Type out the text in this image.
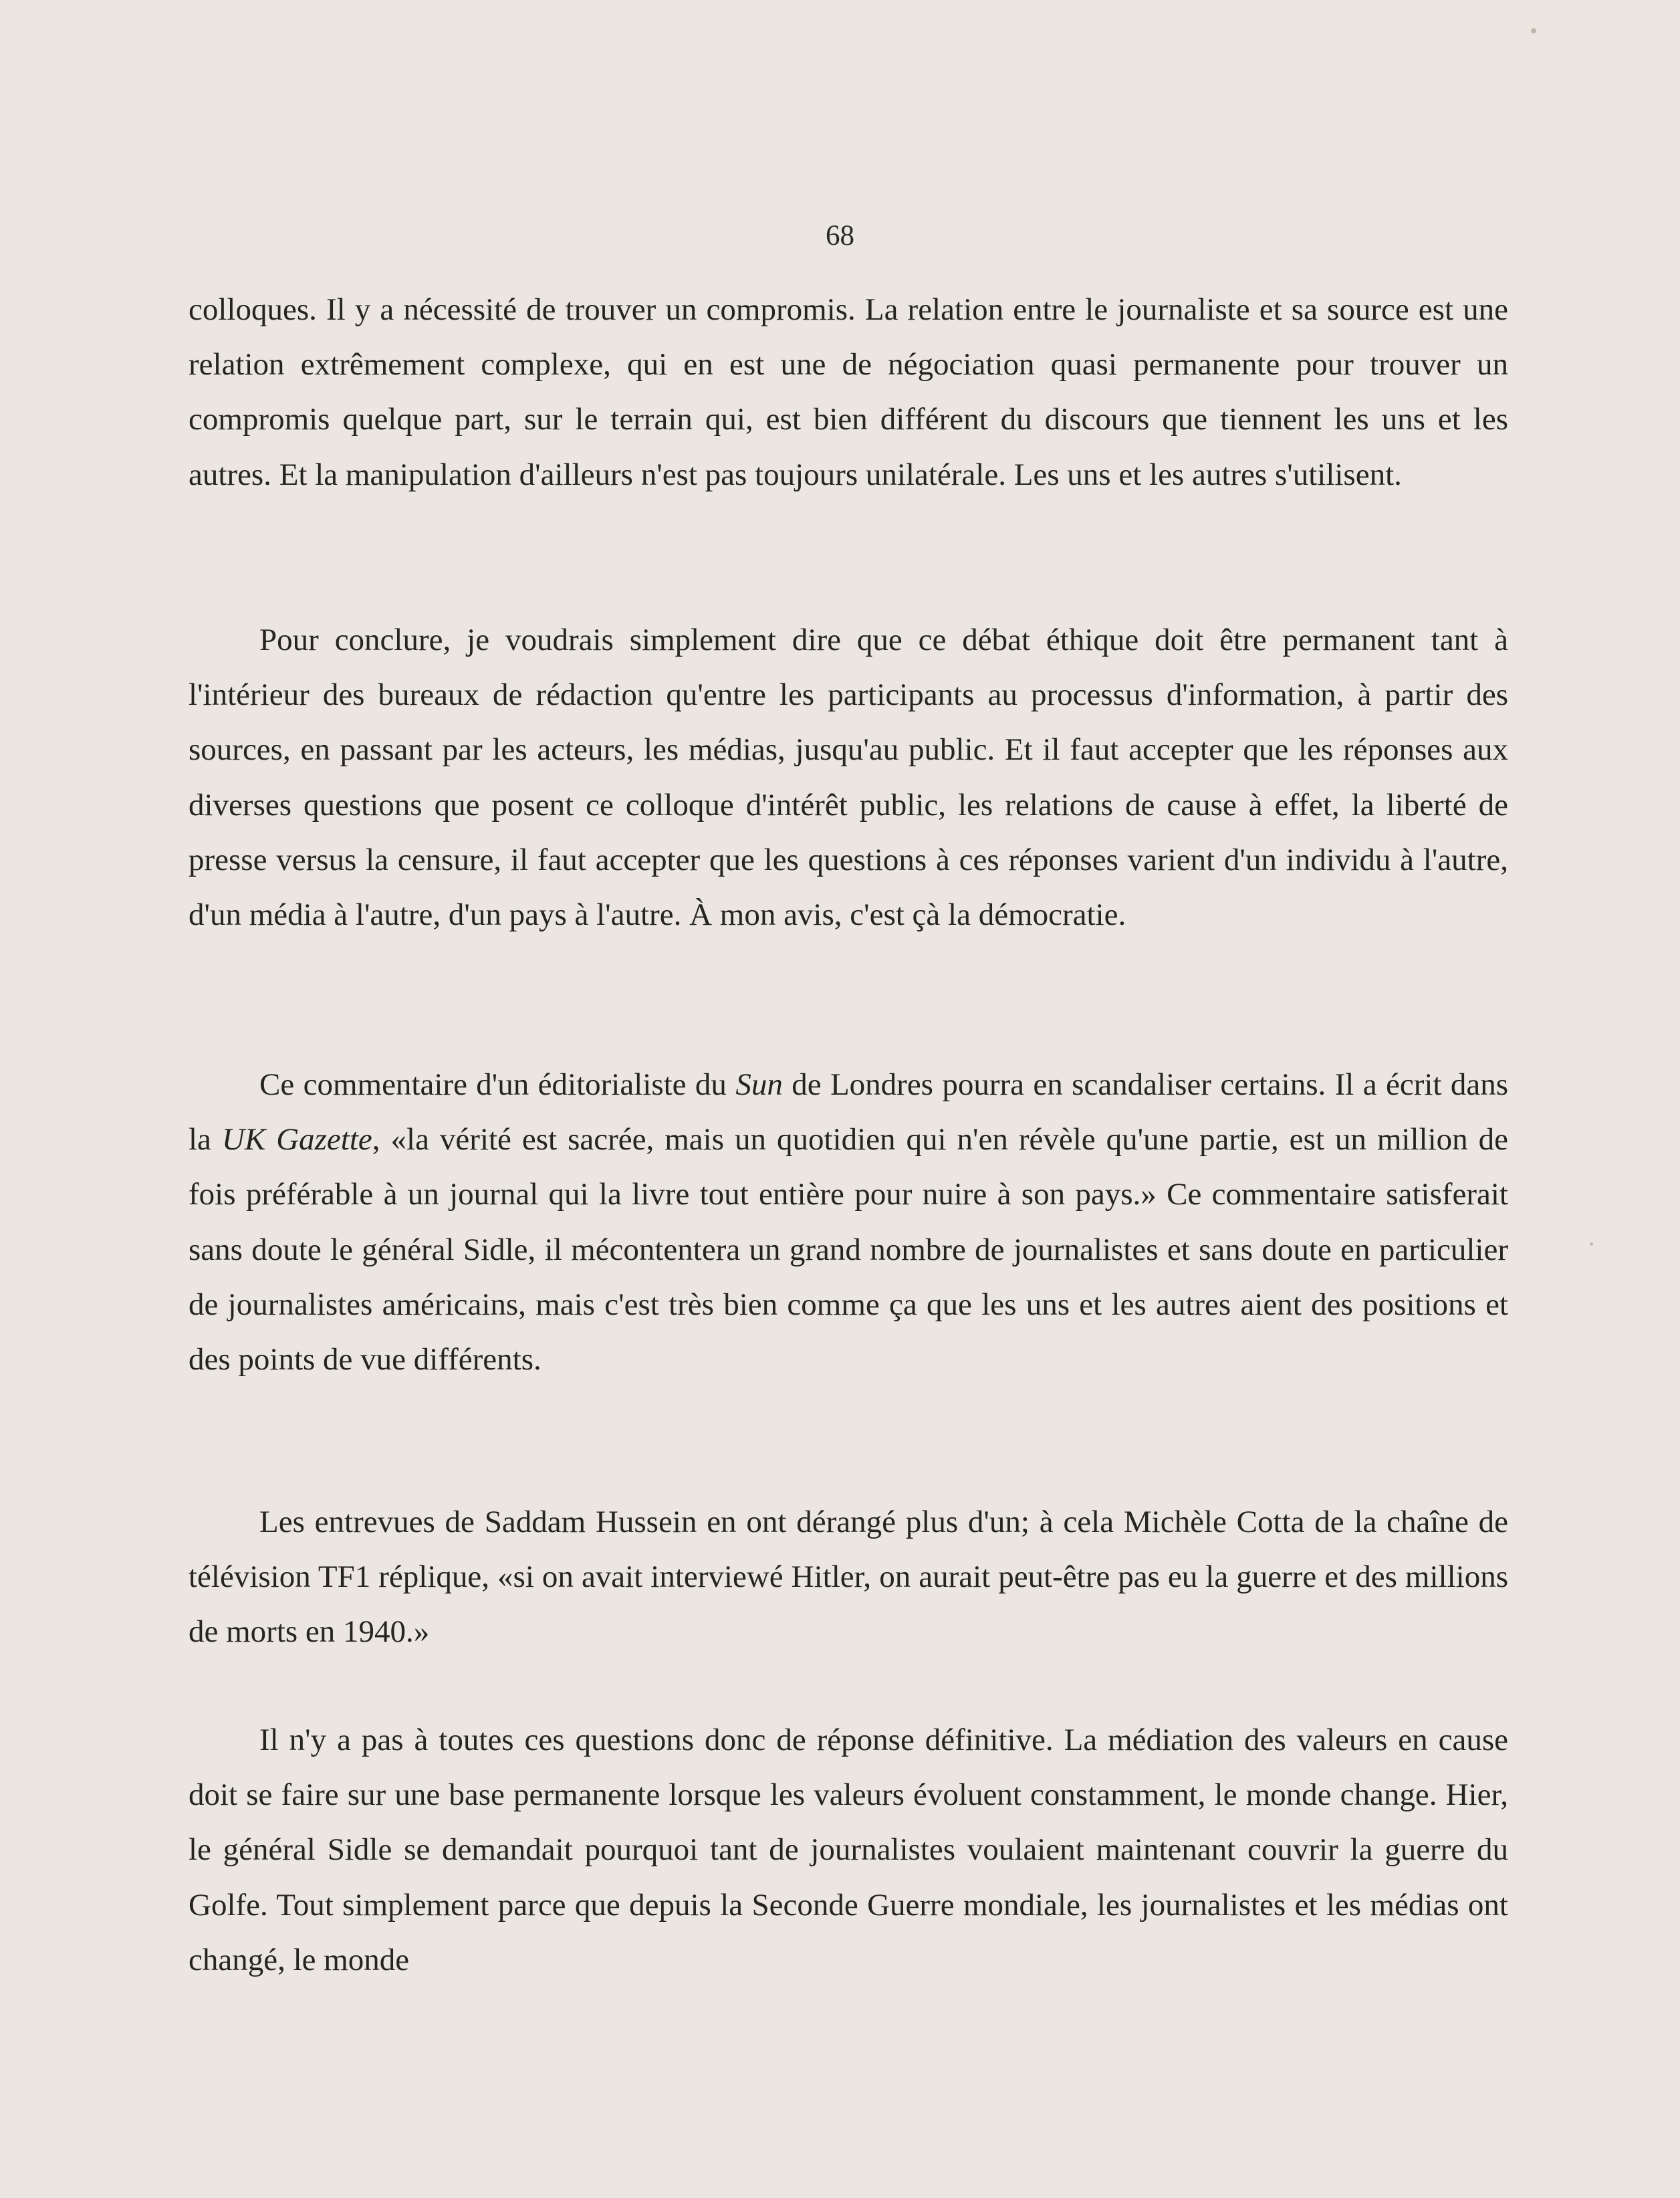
68

colloques. Il y a nécessité de trouver un compromis. La relation entre le journaliste et sa source est une relation extrêmement complexe, qui en est une de négociation quasi permanente pour trouver un compromis quelque part, sur le terrain qui, est bien différent du discours que tiennent les uns et les autres. Et la manipulation d'ailleurs n'est pas toujours unilatérale. Les uns et les autres s'utilisent.

Pour conclure, je voudrais simplement dire que ce débat éthique doit être permanent tant à l'intérieur des bureaux de rédaction qu'entre les participants au processus d'information, à partir des sources, en passant par les acteurs, les médias, jusqu'au public. Et il faut accepter que les réponses aux diverses questions que posent ce colloque d'intérêt public, les relations de cause à effet, la liberté de presse versus la censure, il faut accepter que les questions à ces réponses varient d'un individu à l'autre, d'un média à l'autre, d'un pays à l'autre. À mon avis, c'est çà la démocratie.

Ce commentaire d'un éditorialiste du Sun de Londres pourra en scandaliser certains. Il a écrit dans la UK Gazette, «la vérité est sacrée, mais un quotidien qui n'en révèle qu'une partie, est un million de fois préférable à un journal qui la livre tout entière pour nuire à son pays.» Ce commentaire satisferait sans doute le général Sidle, il mécontentera un grand nombre de journalistes et sans doute en particulier de journalistes américains, mais c'est très bien comme ça que les uns et les autres aient des positions et des points de vue différents.

Les entrevues de Saddam Hussein en ont dérangé plus d'un; à cela Michèle Cotta de la chaîne de télévision TF1 réplique, «si on avait interviewé Hitler, on aurait peut-être pas eu la guerre et des millions de morts en 1940.»

Il n'y a pas à toutes ces questions donc de réponse définitive. La médiation des valeurs en cause doit se faire sur une base permanente lorsque les valeurs évoluent constamment, le monde change. Hier, le général Sidle se demandait pourquoi tant de journalistes voulaient maintenant couvrir la guerre du Golfe. Tout simplement parce que depuis la Seconde Guerre mondiale, les journalistes et les médias ont changé, le monde
